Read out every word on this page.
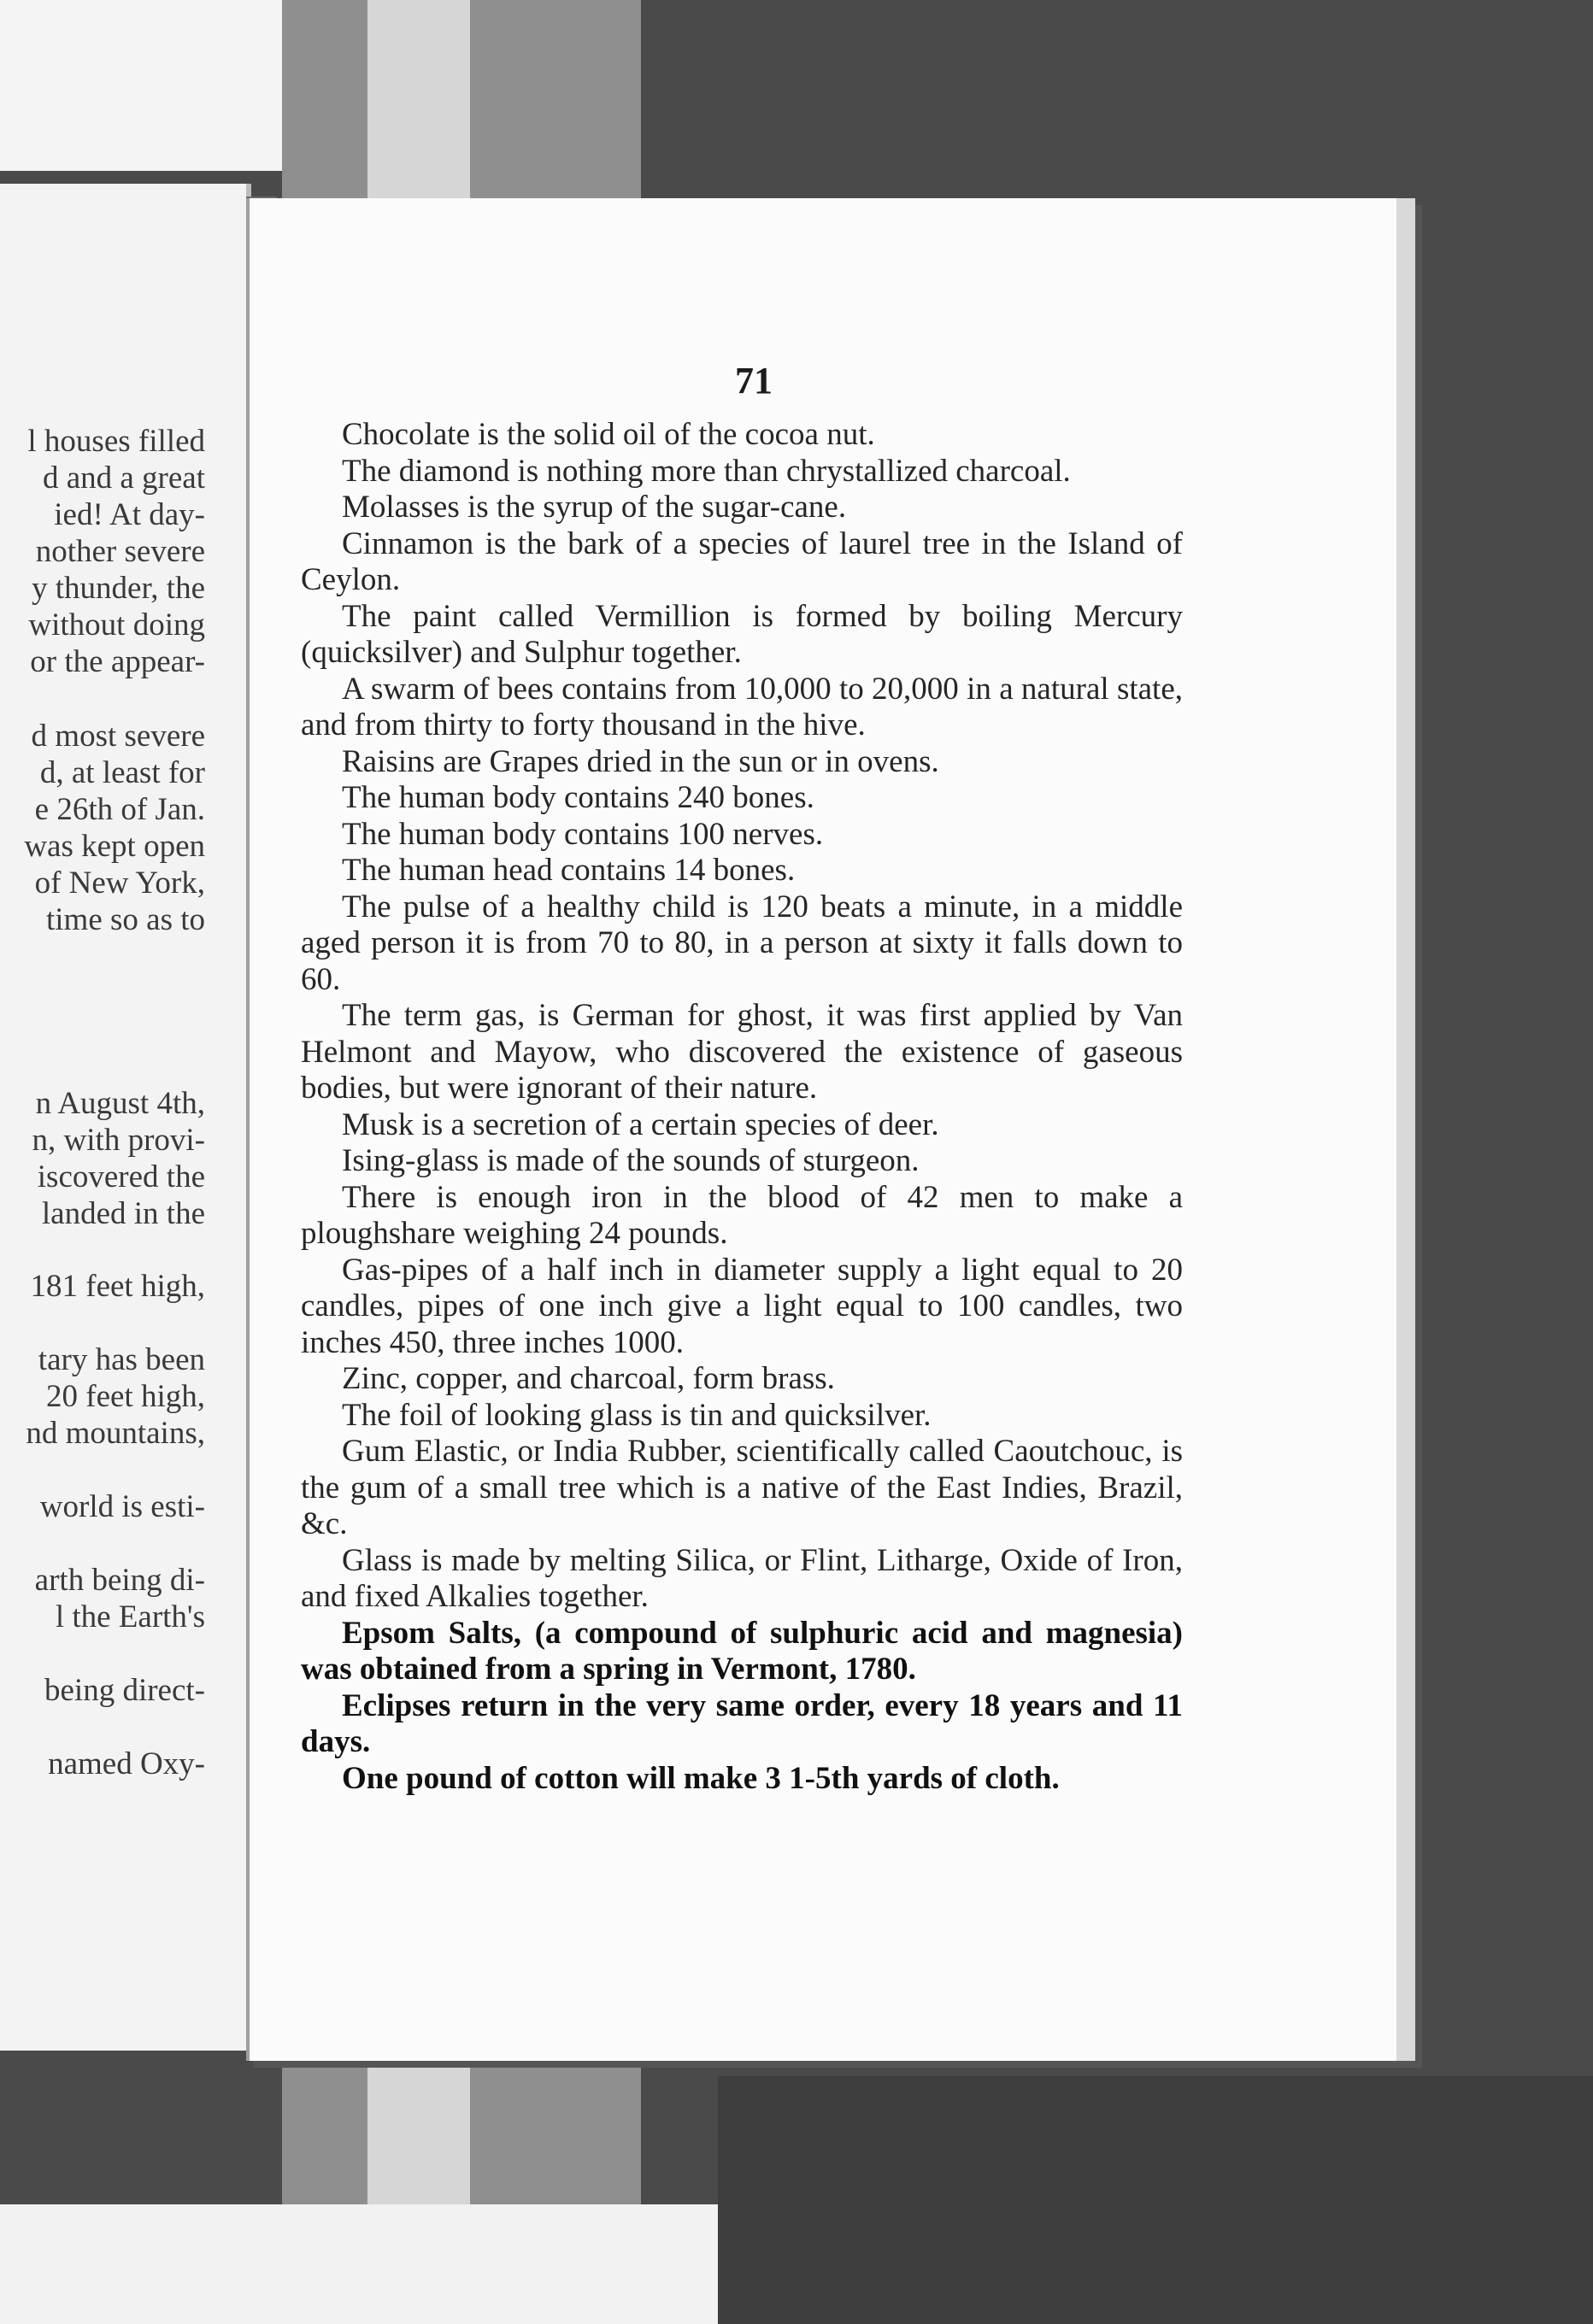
l houses filled
d and a great
ied! At day-
nother severe
y thunder, the
without doing
or the appear-
d most severe
d, at least for
e 26th of Jan.
was kept open
of New York,
time so as to
n August 4th,
n, with provi-
iscovered the
landed in the
181 feet high,
tary has been
20 feet high,
nd mountains,
world is esti-
arth being di-
l the Earth's
being direct-
named Oxy-
71

Chocolate is the solid oil of the cocoa nut.

The diamond is nothing more than chrystallized charcoal.

Molasses is the syrup of the sugar-cane.

Cinnamon is the bark of a species of laurel tree in the Island of Ceylon.

The paint called Vermillion is formed by boiling Mercury (quicksilver) and Sulphur together.

A swarm of bees contains from 10,000 to 20,000 in a natural state, and from thirty to forty thousand in the hive.

Raisins are Grapes dried in the sun or in ovens.

The human body contains 240 bones.

The human body contains 100 nerves.

The human head contains 14 bones.

The pulse of a healthy child is 120 beats a minute, in a middle aged person it is from 70 to 80, in a person at sixty it falls down to 60.

The term gas, is German for ghost, it was first applied by Van Helmont and Mayow, who discovered the existence of gaseous bodies, but were ignorant of their nature.

Musk is a secretion of a certain species of deer.

Ising-glass is made of the sounds of sturgeon.

There is enough iron in the blood of 42 men to make a ploughshare weighing 24 pounds.

Gas-pipes of a half inch in diameter supply a light equal to 20 candles, pipes of one inch give a light equal to 100 candles, two inches 450, three inches 1000.

Zinc, copper, and charcoal, form brass.

The foil of looking glass is tin and quicksilver.

Gum Elastic, or India Rubber, scientifically called Caoutchouc, is the gum of a small tree which is a native of the East Indies, Brazil, &c.

Glass is made by melting Silica, or Flint, Litharge, Oxide of Iron, and fixed Alkalies together.

Epsom Salts, (a compound of sulphuric acid and magnesia) was obtained from a spring in Vermont, 1780.

Eclipses return in the very same order, every 18 years and 11 days.

One pound of cotton will make 3 1-5th yards of cloth.
